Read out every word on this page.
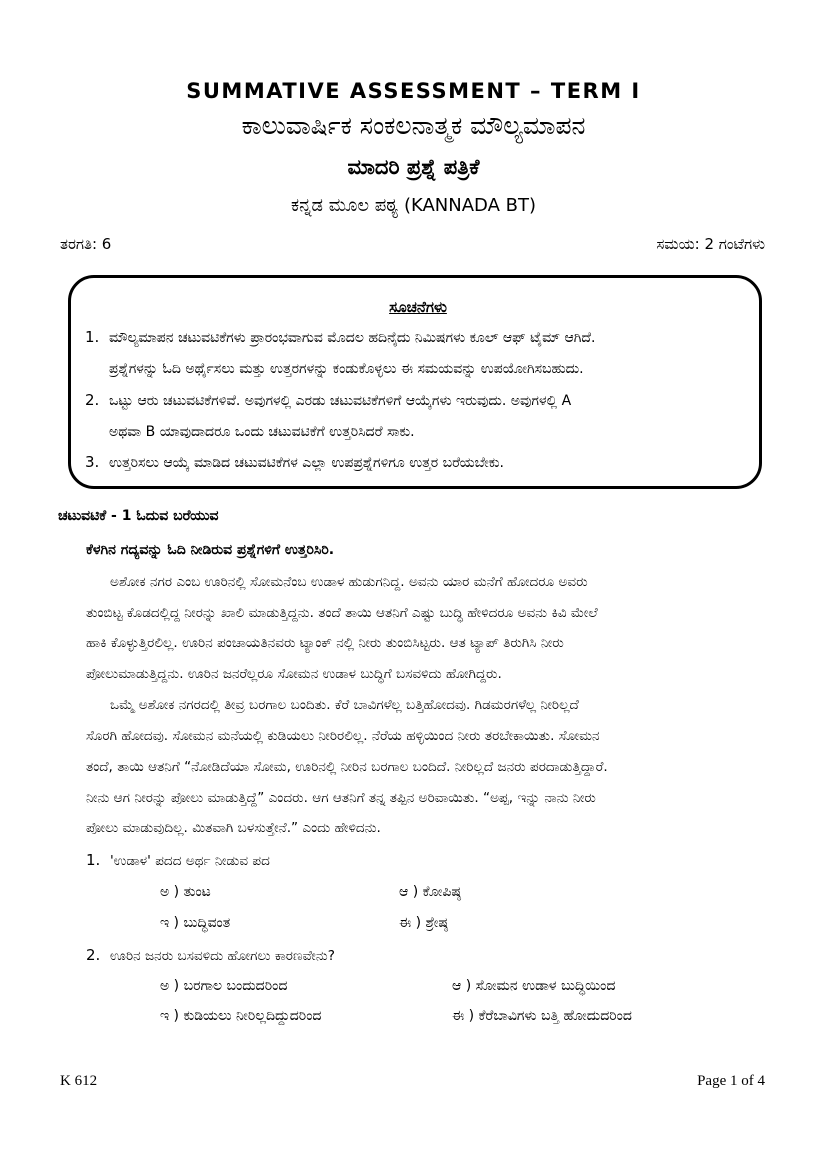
SUMMATIVE ASSESSMENT – TERM I
ಕಾಲುವಾರ್ಷಿಕ ಸಂಕಲನಾತ್ಮಕ ಮೌಲ್ಯಮಾಪನ
ಮಾದರಿ ಪ್ರಶ್ನೆ ಪತ್ರಿಕೆ
ಕನ್ನಡ ಮೂಲ ಪಠ್ಯ (KANNADA BT)
ತರಗತಿ: 6	ಸಮಯ: 2 ಗಂಟೆಗಳು
ಸೂಚನೆಗಳು
1. ಮೌಲ್ಯಮಾಪನ ಚಟುವಟಿಕೆಗಳು ಪ್ರಾರಂಭವಾಗುವ ಮೊದಲ ಹದಿನೈದು ನಿಮಿಷಗಳು ಕೂಲ್ ಆಫ್ ಟೈಮ್ ಆಗಿದೆ.
ಪ್ರಶ್ನೆಗಳನ್ನು ಓದಿ ಅರ್ಥೈಸಲು ಮತ್ತು ಉತ್ತರಗಳನ್ನು ಕಂಡುಕೊಳ್ಳಲು ಈ ಸಮಯವನ್ನು ಉಪಯೋಗಿಸಬಹುದು.
2. ಒಟ್ಟು ಆರು ಚಟುವಟಿಕೆಗಳಿವೆ. ಅವುಗಳಲ್ಲಿ ಎರಡು ಚಟುವಟಿಕೆಗಳಿಗೆ ಆಯ್ಕೆಗಳು ಇರುವುದು. ಅವುಗಳಲ್ಲಿ A
ಅಥವಾ B ಯಾವುದಾದರೂ ಒಂದು ಚಟುವಟಿಕೆಗೆ ಉತ್ತರಿಸಿದರೆ ಸಾಕು.
3. ಉತ್ತರಿಸಲು ಆಯ್ಕೆ ಮಾಡಿದ ಚಟುವಟಿಕೆಗಳ ಎಲ್ಲಾ ಉಪಪ್ರಶ್ನೆಗಳಿಗೂ ಉತ್ತರ ಬರೆಯಬೇಕು.
ಚಟುವಟಿಕೆ - 1 ಓದುವ ಬರೆಯುವ
ಕೆಳಗಿನ ಗದ್ಯವನ್ನು ಓದಿ ನೀಡಿರುವ ಪ್ರಶ್ನೆಗಳಿಗೆ ಉತ್ತರಿಸಿರಿ.
ಅಶೋಕ ನಗರ ಎಂಬ ಊರಿನಲ್ಲಿ ಸೋಮನೆಂಬ ಉಡಾಳ ಹುಡುಗನಿದ್ದ. ಅವನು ಯಾರ ಮನೆಗೆ ಹೋದರೂ ಅವರು
ತುಂಬಿಟ್ಟ ಕೊಡದಲ್ಲಿದ್ದ ನೀರನ್ನು ಖಾಲಿ ಮಾಡುತ್ತಿದ್ದನು. ತಂದೆ ತಾಯಿ ಆತನಿಗೆ ಎಷ್ಟು ಬುದ್ಧಿ ಹೇಳಿದರೂ ಅವನು ಕಿವಿ ಮೇಲೆ
ಹಾಕಿ ಕೊಳ್ಳುತ್ತಿರಲಿಲ್ಲ. ಊರಿನ ಪಂಚಾಯತಿನವರು ಟ್ಯಾಂಕ್ ನಲ್ಲಿ ನೀರು ತುಂಬಿಸಿಟ್ಟರು. ಆತ ಟ್ಯಾಪ್ ತಿರುಗಿಸಿ ನೀರು
ಪೋಲುಮಾಡುತ್ತಿದ್ದನು. ಊರಿನ ಜನರೆಲ್ಲರೂ ಸೋಮನ ಉಡಾಳ ಬುದ್ಧಿಗೆ ಬಸವಳಿದು ಹೋಗಿದ್ದರು.
ಒಮ್ಮೆ ಅಶೋಕ ನಗರದಲ್ಲಿ ತೀವ್ರ ಬರಗಾಲ ಬಂದಿತು. ಕೆರೆ ಬಾವಿಗಳೆಲ್ಲ ಬತ್ತಿಹೋದವು. ಗಿಡಮರಗಳೆಲ್ಲ ನೀರಿಲ್ಲದೆ
ಸೊರಗಿ ಹೋದವು. ಸೋಮನ ಮನೆಯಲ್ಲಿ ಕುಡಿಯಲು ನೀರಿರಲಿಲ್ಲ. ನೆರೆಯ ಹಳ್ಳಿಯಿಂದ ನೀರು ತರಬೇಕಾಯಿತು. ಸೋಮನ
ತಂದೆ, ತಾಯಿ ಆತನಿಗೆ “ನೋಡಿದೆಯಾ ಸೋಮ, ಊರಿನಲ್ಲಿ ನೀರಿನ ಬರಗಾಲ ಬಂದಿದೆ. ನೀರಿಲ್ಲದೆ ಜನರು ಪರದಾಡುತ್ತಿದ್ದಾರೆ.
ನೀನು ಆಗ ನೀರನ್ನು ಪೋಲು ಮಾಡುತ್ತಿದ್ದೆ” ಎಂದರು. ಆಗ ಆತನಿಗೆ ತನ್ನ ತಪ್ಪಿನ ಅರಿವಾಯಿತು. “ಅಪ್ಪ, ಇನ್ನು ನಾನು ನೀರು
ಪೋಲು ಮಾಡುವುದಿಲ್ಲ. ಮಿತವಾಗಿ ಬಳಸುತ್ತೇನೆ.” ಎಂದು ಹೇಳಿದನು.
1. 'ಉಡಾಳ' ಪದದ ಅರ್ಥ ನೀಡುವ ಪದ
ಅ ) ತುಂಟ	ಆ ) ಕೋಪಿಷ್ಠ
ಇ ) ಬುದ್ಧಿವಂತ	ಈ ) ಶ್ರೇಷ್ಠ
2. ಊರಿನ ಜನರು ಬಸವಳಿದು ಹೋಗಲು ಕಾರಣವೇನು?
ಅ ) ಬರಗಾಲ ಬಂದುದರಿಂದ	ಆ ) ಸೋಮನ ಉಡಾಳ ಬುದ್ಧಿಯಿಂದ
ಇ ) ಕುಡಿಯಲು ನೀರಿಲ್ಲದಿದ್ದುದರಿಂದ	ಈ ) ಕೆರೆಬಾವಿಗಳು ಬತ್ತಿ ಹೋದುದರಿಂದ
K 612	Page 1 of 4
